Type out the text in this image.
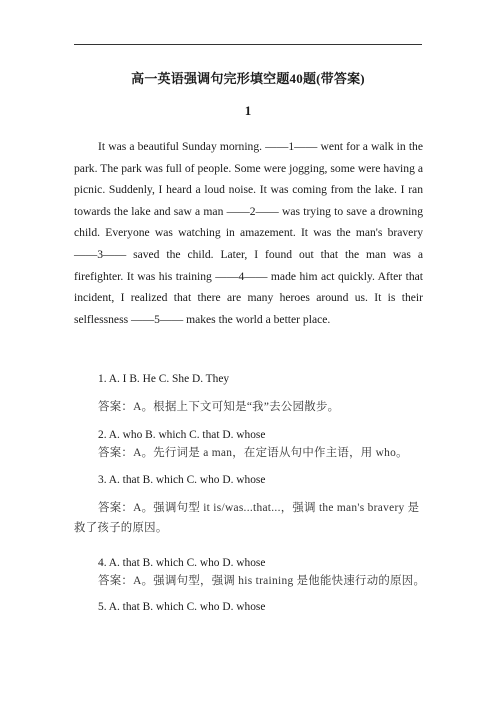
高一英语强调句完形填空题40题(带答案)
1

It was a beautiful Sunday morning. ——1—— went for a walk in the park. The park was full of people. Some were jogging, some were having a picnic. Suddenly, I heard a loud noise. It was coming from the lake. I ran towards the lake and saw a man ——2—— was trying to save a drowning child. Everyone was watching in amazement. It was the man's bravery ——3—— saved the child. Later, I found out that the man was a firefighter. It was his training ——4—— made him act quickly. After that incident, I realized that there are many heroes around us. It is their selflessness ——5—— makes the world a better place.

1. A. I B. He C. She D. They

答案：A。根据上下文可知是“我”去公园散步。

2. A. who B. which C. that D. whose

答案：A。先行词是 a man，在定语从句中作主语，用 who。

3. A. that B. which C. who D. whose

答案：A。强调句型 it is/was...that...，强调 the man's bravery 是救了孩子的原因。

4. A. that B. which C. who D. whose

答案：A。强调句型，强调 his training 是他能快速行动的原因。

5. A. that B. which C. who D. whose
